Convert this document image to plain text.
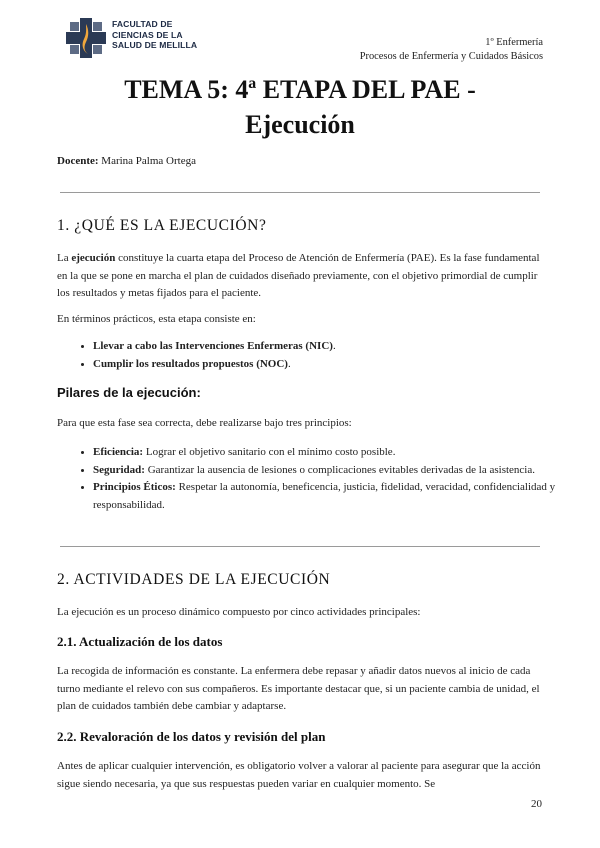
FACULTAD DE
CIENCIAS DE LA
SALUD DE MELILLA	1º Enfermería
Procesos de Enfermería y Cuidados Básicos
TEMA 5: 4ª ETAPA DEL PAE -
Ejecución
Docente: Marina Palma Ortega
1. ¿QUÉ ES LA EJECUCIÓN?

La ejecución constituye la cuarta etapa del Proceso de Atención de Enfermería (PAE). Es la fase fundamental en la que se pone en marcha el plan de cuidados diseñado previamente, con el objetivo primordial de cumplir los resultados y metas fijados para el paciente.

En términos prácticos, esta etapa consiste en:

• Llevar a cabo las Intervenciones Enfermeras (NIC).
• Cumplir los resultados propuestos (NOC).
Pilares de la ejecución:

Para que esta fase sea correcta, debe realizarse bajo tres principios:

• Eficiencia: Lograr el objetivo sanitario con el mínimo costo posible.
• Seguridad: Garantizar la ausencia de lesiones o complicaciones evitables derivadas de la asistencia.
• Principios Éticos: Respetar la autonomía, beneficencia, justicia, fidelidad, veracidad, confidencialidad y responsabilidad.
2. ACTIVIDADES DE LA EJECUCIÓN

La ejecución es un proceso dinámico compuesto por cinco actividades principales:

2.1. Actualización de los datos

La recogida de información es constante. La enfermera debe repasar y añadir datos nuevos al inicio de cada turno mediante el relevo con sus compañeros. Es importante destacar que, si un paciente cambia de unidad, el plan de cuidados también debe cambiar y adaptarse.

2.2. Revaloración de los datos y revisión del plan

Antes de aplicar cualquier intervención, es obligatorio volver a valorar al paciente para asegurar que la acción sigue siendo necesaria, ya que sus respuestas pueden variar en cualquier momento. Se

20
